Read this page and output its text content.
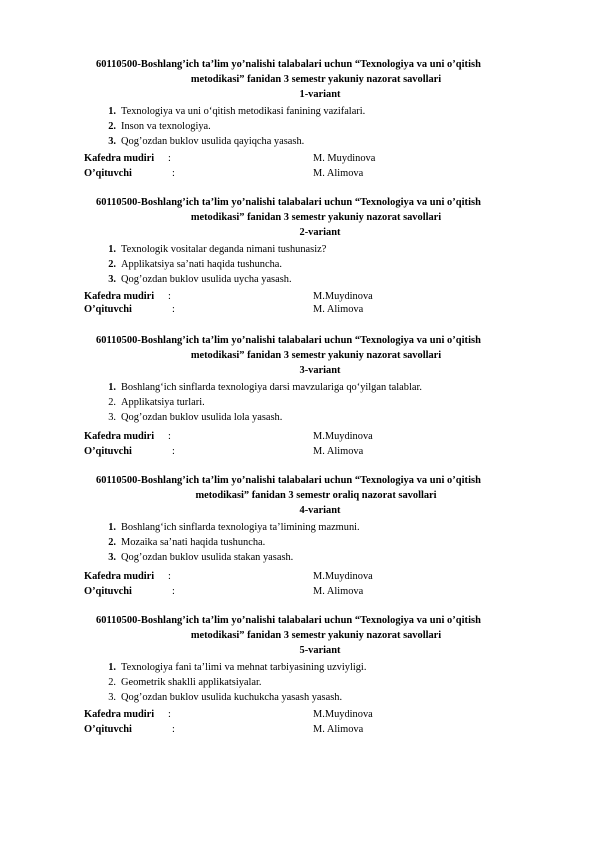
60110500-Boshlang’ich ta’lim yo’nalishi talabalari uchun “Texnologiya va uni o’qitish
metodikasi” fanidan 3 semestr yakuniy nazorat savollari
1-variant
1. Texnologiya va uni o‘qitish metodikasi fanining vazifalari.
2. Inson va texnologiya.
3. Qog’ozdan buklov usulida qayiqcha yasash.
Kafedra mudiri :	M. Muydinova
O’qituvchi	:	M. Alimova
60110500-Boshlang’ich ta’lim yo’nalishi talabalari uchun “Texnologiya va uni o’qitish
metodikasi” fanidan 3 semestr yakuniy nazorat savollari
2-variant
1. Texnologik vositalar deganda nimani tushunasiz?
2. Applikatsiya sa’nati haqida tushuncha.
3. Qog’ozdan buklov usulida uycha yasash.
Kafedra mudiri :	M.Muydinova
O’qituvchi	:	M. Alimova
60110500-Boshlang’ich ta’lim yo’nalishi talabalari uchun “Texnologiya va uni o’qitish
metodikasi” fanidan 3 semestr yakuniy nazorat savollari
3-variant
1. Boshlang‘ich sinflarda texnologiya darsi mavzulariga qo‘yilgan talablar.
2. Applikatsiya turlari.
3. Qog’ozdan buklov usulida lola yasash.
Kafedra mudiri :	M.Muydinova
O’qituvchi	:	M. Alimova
60110500-Boshlang’ich ta’lim yo’nalishi talabalari uchun “Texnologiya va uni o’qitish
metodikasi” fanidan 3 semestr oraliq nazorat savollari
4-variant
1. Boshlang‘ich sinflarda texnologiya ta’limining mazmuni.
2. Mozaika sa’nati haqida tushuncha.
3. Qog’ozdan buklov usulida stakan yasash.
Kafedra mudiri :	M.Muydinova
O’qituvchi	:	M. Alimova
60110500-Boshlang’ich ta’lim yo’nalishi talabalari uchun “Texnologiya va uni o’qitish
metodikasi” fanidan 3 semestr yakuniy nazorat savollari
5-variant
1. Texnologiya fani ta’limi va mehnat tarbiyasining uzviyligi.
2. Geometrik shaklli applikatsiyalar.
3. Qog’ozdan buklov usulida kuchukcha yasash yasash.
Kafedra mudiri :	M.Muydinova
O’qituvchi	:	M. Alimova
